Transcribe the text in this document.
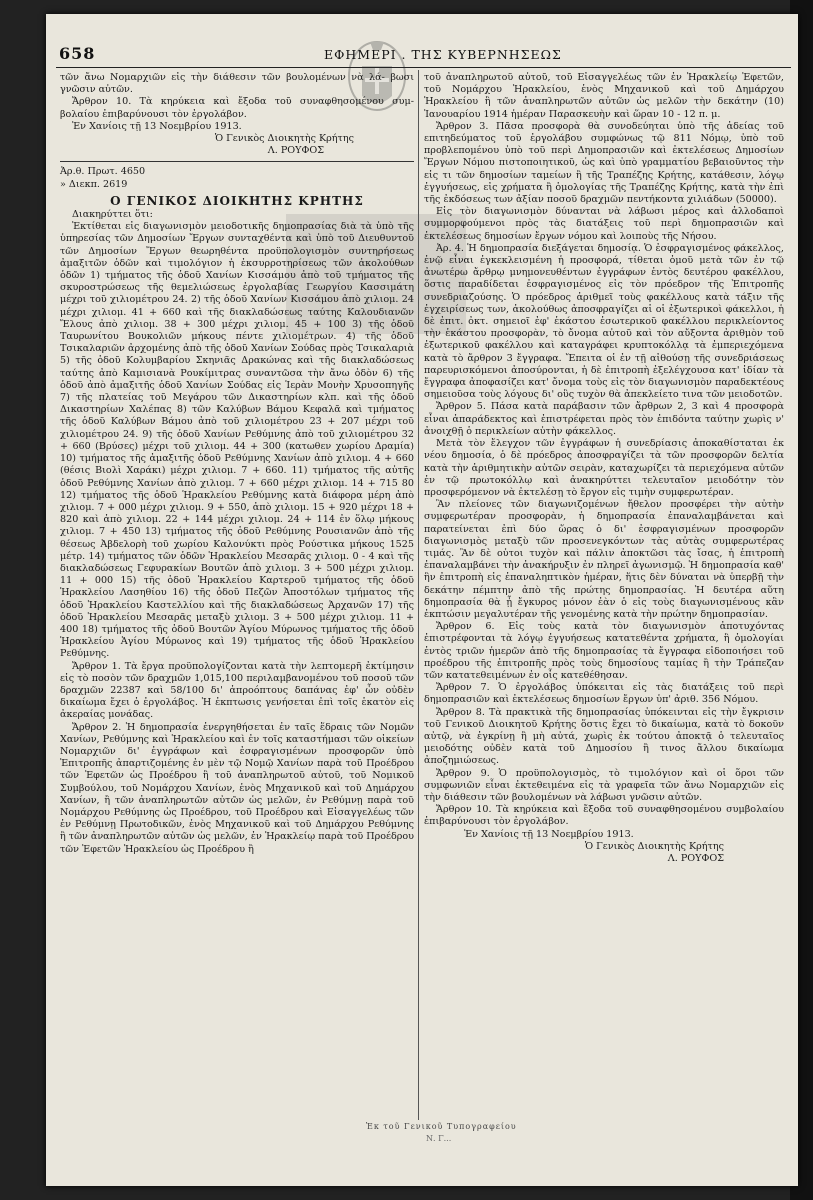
658	ΕΦΗΜΕΡΙ . ΤΗΣ ΚΥΒΕΡΝΗΣΕΩΣ

τῶν ἄνω Νομαρχιῶν εἰς τὴν διάθεσιν τῶν βουλομένων νὰ λά- βωσι γνῶσιν αὐτῶν.

Ἄρθρον 10. Τὰ κηρύκεια καὶ ἔξοδα τοῦ συναφθησομένου συμ- βολαίου ἐπιβαρύνουσι τὸν ἐργολάβον.

Ἐν Χανίοις τῇ 13 Νοεμβρίου 1913.

Ὁ Γενικὸς Διοικητὴς Κρήτης

Λ. ΡΟΥΦΟΣ

Ἀρ.θ. Πρωτ. 4650

» Διεκπ. 2619

Ο ΓΕΝΙΚΟΣ ΔΙΟΙΚΗΤΗΣ ΚΡΗΤΗΣ

Διακηρύττει ὅτι:

Ἐκτίθεται εἰς διαγωνισμὸν μειοδοτικῆς δημοπρασίας διὰ τὰ ὑπὸ τῆς ὑπηρεσίας τῶν Δημοσίων Ἔργων συνταχθέντα καὶ ὑπὸ τοῦ Διευθυντοῦ τῶν Δημοσίων Ἔργων θεωρηθέντα προϋπολογισμὸν συντηρήσεως ἀμαξιτῶν ὁδῶν καὶ τιμολόγιον ἡ ἐκσυρροτηρίσεως τῶν ἀκολούθων ὁδῶν 1) τμήματος τῆς ὁδοῦ Χανίων Κισσάμου ἀπὸ τοῦ τμήματος τῆς σκυροστρώσεως τῆς θεμελιώσεως ἐργολαβίας Γεωργίου Κασσιμάτη μέχρι τοῦ χιλιομέτρου 24. 2) τῆς ὁδοῦ Χανίων Κισσάμου ἀπὸ χιλιομ. 24 μέχρι χιλιομ. 41 + 660 καὶ τῆς διακλαδώσεως ταύτης Καλουδιανῶν Ἔλους ἀπὸ χιλιομ. 38 + 300 μέχρι χιλιομ. 45 + 100 3) τῆς ὁδοῦ Ταυρωνίτου Βουκολιῶν μήκους πέντε χιλιομέτρων. 4) τῆς ὁδοῦ Τσικαλαριῶν ἀρχομένης ἀπὸ τῆς ὁδοῦ Χανίων Σούδας πρὸς Τσικαλαριὰ 5) τῆς ὁδοῦ Κολυμβαρίου Σκηνιᾶς Δρακώνας καὶ τῆς διακλαδώσεως ταύτης ἀπὸ Καμισιανὰ Ρουκίμιτρας συναντῶσα τὴν ἄνω ὁδὸν 6) τῆς ὁδοῦ ἀπὸ ἀμαξιτῆς ὁδοῦ Χανίων Σούδας εἰς Ἱερὰν Μονὴν Χρυσοπηγῆς 7) τῆς πλατείας τοῦ Μεγάρου τῶν Δικαστηρίων κλπ. καὶ τῆς ὁδοῦ Δικαστηρίων Χαλέπας 8) τῶν Καλύβων Βάμου Κεφαλᾶ καὶ τμήματος τῆς ὁδοῦ Καλύβων Βάμου ἀπὸ τοῦ χιλιομέτρου 23 + 207 μέχρι τοῦ χιλιομέτρου 24. 9) τῆς ὁδοῦ Χανίων Ρεθύμνης ἀπὸ τοῦ χιλιομέτρου 32 + 660 (Βρύσες) μέχρι τοῦ χιλιομ. 44 + 300 (κατωθεν χωρίου Δραμία) 10) τμήματος τῆς ἀμαξιτῆς ὁδοῦ Ρεθύμνης Χανίων ἀπὸ χιλιομ. 4 + 660 (θέσις Βιολὶ Χαράκι) μέχρι χιλιομ. 7 + 660. 11) τμήματος τῆς αὐτῆς ὁδοῦ Ρεθύμνης Χανίων ἀπὸ χιλιομ. 7 + 660 μέχρι χιλιομ. 14 + 715 80 12) τμήματος τῆς ὁδοῦ Ἡρακλείου Ρεθύμνης κατὰ διάφορα μέρη ἀπὸ χιλιομ. 7 + 000 μέχρι χιλιομ. 9 + 550, ἀπὸ χιλιομ. 15 + 920 μέχρι 18 + 820 καὶ ἀπὸ χιλιομ. 22 + 144 μέχρι χιλιομ. 24 + 114 ἐν ὅλῳ μήκους χιλιομ. 7 + 450 13) τμήματος τῆς ὁδοῦ Ρεθύμνης Ρουσιανῶν ἀπὸ τῆς θέσεως Ἀβδελορὴ τοῦ χωρίου Καλονύκτι πρὸς Ρούστικα μήκους 1525 μέτρ. 14) τμήματος τῶν ὁδῶν Ἡρακλείου Μεσαρᾶς χιλιομ. 0 - 4 καὶ τῆς διακλαδώσεως Γεφυρακίων Βουτῶν ἀπὸ χιλιομ. 3 + 500 μέχρι χιλιομ. 11 + 000 15) τῆς ὁδοῦ Ἡρακλείου Καρτεροῦ τμήματος τῆς ὁδοῦ Ἡρακλείου Λασηθίου 16) τῆς ὁδοῦ Πεζῶν Ἀποστόλων τμήματος τῆς ὁδοῦ Ἡρακλείου Καστελλίου καὶ τῆς διακλαδώσεως Ἀρχανῶν 17) τῆς ὁδοῦ Ἡρακλείου Μεσαρᾶς μεταξὺ χιλιομ. 3 + 500 μέχρι χιλιομ. 11 + 400 18) τμήματος τῆς ὁδοῦ Βουτῶν Ἁγίου Μύρωνος τμήματος τῆς ὁδοῦ Ἡρακλείου Ἁγίου Μύρωνος καὶ 19) τμήματος τῆς ὁδοῦ Ἡρακλείου Ρεθύμνης.

Ἄρθρον 1. Τὰ ἔργα προϋπολογίζονται κατὰ τὴν λεπτομερῆ ἐκτίμησιν εἰς τὸ ποσὸν τῶν δραχμῶν 1,015,100 περιλαμβανομένου τοῦ ποσοῦ τῶν δραχμῶν 22387 καὶ 58/100 δι' ἀπροόπτους δαπάνας ἐφ' ὧν οὐδὲν δικαίωμα ἔχει ὁ ἐργολάβος. Ἡ ἐκπτωσις γενήσεται ἐπὶ τοῖς ἑκατὸν εἰς ἀκεραίας μονάδας.

Ἄρθρον 2. Ἡ δημοπρασία ἐνεργηθήσεται ἐν ταῖς ἕδραις τῶν Νομῶν Χανίων, Ρεθύμνης καὶ Ἡρακλείου καὶ ἐν τοῖς καταστήμασι τῶν οἰκείων Νομαρχιῶν δι' ἐγγράφων καὶ ἐσφραγισμένων προσφορῶν ὑπὸ Ἐπιτροπῆς ἀπαρτιζομένης ἐν μὲν τῷ Νομῷ Χανίων παρὰ τοῦ Προέδρου τῶν Ἐφετῶν ὡς Προέδρου ἢ τοῦ ἀναπληρωτοῦ αὐτοῦ, τοῦ Νομικοῦ Συμβούλου, τοῦ Νομάρχου Χανίων, ἑνὸς Μηχανικοῦ καὶ τοῦ Δημάρχου Χανίων, ἢ τῶν ἀναπληρωτῶν αὐτῶν ὡς μελῶν, ἐν Ρεθύμνῃ παρὰ τοῦ Νομάρχου Ρεθύμνης ὡς Προέδρου, τοῦ Προέδρου καὶ Εἰσαγγελέως τῶν ἐν Ρεθύμνῃ Πρωτοδικῶν, ἑνὸς Μηχανικοῦ καὶ τοῦ Δημάρχου Ρεθύμνης ἢ τῶν ἀναπληρωτῶν αὐτῶν ὡς μελῶν, ἐν Ἡρακλείῳ παρὰ τοῦ Προέδρου τῶν Ἐφετῶν Ἡρακλείου ὡς Προέδρου ἢ

τοῦ ἀναπληρωτοῦ αὐτοῦ, τοῦ Εἰσαγγελέως τῶν ἐν Ἡρακλείῳ Ἐφετῶν, τοῦ Νομάρχου Ἡρακλείου, ἑνὸς Μηχανικοῦ καὶ τοῦ Δημάρχου Ἡρακλείου ἢ τῶν ἀναπληρωτῶν αὐτῶν ὡς μελῶν τὴν δεκάτην (10) Ἰανουαρίου 1914 ἡμέραν Παρασκευὴν καὶ ὥραν 10 - 12 π. μ.

Ἄρθρον 3. Πᾶσα προσφορὰ θὰ συνοδεύηται ὑπὸ τῆς ἀδείας τοῦ επιτηδεύματος τοῦ ἐργολάβου συμφώνως τῷ 811 Νόμῳ, ὑπὸ τοῦ προβλεπομένου ὑπὸ τοῦ περὶ Δημοπρασιῶν καὶ ἐκτελέσεως Δημοσίων Ἔργων Νόμου πιστοποιητικοῦ, ὡς καὶ ὑπὸ γραμματίου βεβαιοῦντος τὴν εἰς τι τῶν δημοσίων ταμείων ἢ τῆς Τραπέζης Κρήτης, κατάθεσιν, λόγῳ ἐγγυήσεως, εἰς χρήματα ἢ ὁμολογίας τῆς Τραπέζης Κρήτης, κατὰ τὴν ἐπὶ τῆς ἐκδόσεως των ἀξίαν ποσοῦ δραχμῶν πεντήκοντα χιλιάδων (50000).

Εἰς τὸν διαγωνισμὸν δύνανται νὰ λάβωσι μέρος καὶ ἀλλοδαποὶ συμμορφούμενοι πρὸς τὰς διατάξεις τοῦ περὶ δημοπρασιῶν καὶ ἐκτελέσεως δημοσίων ἔργων νόμου καὶ λοιποὺς τῆς Νήσου.

Ἀρ. 4. Ἡ δημοπρασία διεξάγεται δημοσίᾳ. Ὁ ἐσφραγισμένος φάκελλος, ἐνῷ εἶναι ἐγκεκλεισμένη ἡ προσφορά, τίθεται ὁμοῦ μετὰ τῶν ἐν τῷ ἀνωτέρω ἄρθρῳ μνημονευθέντων ἐγγράφων ἐντὸς δευτέρου φακέλλου, ὅστις παραδίδεται ἐσφραγισμένος εἰς τὸν πρόεδρον τῆς Ἐπιτροπῆς συνεδριαζούσης. Ὁ πρόεδρος ἀριθμεῖ τοὺς φακέλλους κατὰ τάξιν τῆς ἐγχειρίσεως των, ἀκολούθως ἀποσφραγίζει αἱ οἱ ἐξωτερικοὶ φάκελλοι, ἡ δὲ ἐπιτ. ὀκτ. σημειοῖ ἐφ' ἑκάστου ἐσωτερικοῦ φακέλλου περικλείοντος τὴν ἑκάστου προσφορὰν, τὸ ὄνομα αὐτοῦ καὶ τὸν αὔξοντα ἀριθμὸν τοῦ ἐξωτερικοῦ φακέλλου καὶ καταγράφει κρυπτοκόλλᾳ τὰ ἐμπεριεχόμενα κατὰ τὸ ἄρθρον 3 ἔγγραφα. Ἔπειτα οἱ ἐν τῇ αἰθούσῃ τῆς συνεδριάσεως παρευρισκόμενοι ἀποσύρονται, ἡ δὲ ἐπιτροπὴ ἐξελέγχουσα κατ' ἰδίαν τὰ ἔγγραφα ἀποφασίζει κατ' ὄνομα τοὺς εἰς τὸν διαγωνισμὸν παραδεκτέους σημειοῦσα τοὺς λόγους δι' οὓς τυχὸν θὰ ἀπεκλείετο τινα τῶν μειοδοτῶν.

Ἄρθρον 5. Πάσα κατὰ παράβασιν τῶν ἄρθρων 2, 3 καὶ 4 προσφορὰ εἶναι ἀπαράδεκτος καὶ ἐπιστρέφεται πρὸς τὸν ἐπιδόντα ταύτην χωρὶς ν' ἀνοιχθῇ ὁ περικλείων αὐτὴν φάκελλος.

Μετὰ τὸν ἔλεγχον τῶν ἐγγράφων ἡ συνεδρίασις ἀποκαθίσταται ἐκ νέου δημοσία, ὁ δὲ πρόεδρος ἀποσφραγίζει τὰ τῶν προσφορῶν δελτία κατὰ τὴν ἀριθμητικὴν αὐτῶν σειρὰν, καταχωρίζει τὰ περιεχόμενα αὐτῶν ἐν τῷ πρωτοκόλλῳ καὶ ἀνακηρύττει τελευταῖον μειοδότην τὸν προσφερόμενον νὰ ἐκτελέσῃ τὸ ἔργον εἰς τιμὴν συμφερωτέραν.

Ἂν πλείονες τῶν διαγωνιζομένων ἤθελον προσφέρει τὴν αὐτὴν συμφερωτέραν προσφορὰν, ἡ δημοπρασία ἐπαναλαμβάνεται καὶ παρατείνεται ἐπὶ δύο ὥρας ὁ δι' ἐσφραγισμένων προσφορῶν διαγωνισμὸς μεταξὺ τῶν προσενεγκόντων τὰς αὐτὰς συμφερωτέρας τιμάς. Ἂν δὲ οὐτοι τυχὸν καὶ πάλιν ἀποκτῶσι τὰς ἴσας, ἡ ἐπιτροπὴ ἐπαναλαμβάνει τὴν ἀνακήρυξιν ἐν πληρεῖ ἀγωνισμῷ. Ἡ δημοπρασία καθ' ἣν ἐπιτροπὴ εἰς ἐπαναληπτικὸν ἡμέραν, ἥτις δὲν δύναται νὰ ὑπερβῇ τὴν δεκάτην πέμπτην ἀπὸ τῆς πρώτης δημοπρασίας. Ἡ δευτέρα αὕτη δημοπρασία θὰ ᾖ ἔγκυρος μόνον ἐὰν ὁ εἰς τοὺς διαγωνισμένους κἂν ἐκπτώσιν μεγαλυτέραν τῆς γενομένης κατὰ τὴν πρώτην δημοπρασίαν.

Ἄρθρον 6. Εἰς τοὺς κατὰ τὸν διαγωνισμὸν ἀποτυχόντας ἐπιστρέφονται τὰ λόγῳ ἐγγυήσεως κατατεθέντα χρήματα, ἢ ὁμολογίαι ἐντὸς τριῶν ἡμερῶν ἀπὸ τῆς δημοπρασίας τὰ ἔγγραφα εἰδοποιήσει τοῦ προέδρου τῆς ἐπιτροπῆς πρὸς τοὺς δημοσίους ταμίας ἢ τὴν Τράπεζαν τῶν κατατεθειμένων ἐν οἷς κατεθέθησαν.

Ἄρθρον 7. Ὁ ἐργολάβος ὑπόκειται εἰς τὰς διατάξεις τοῦ περὶ δημοπρασιῶν καὶ ἐκτελέσεως δημοσίων ἔργων ὑπ' ἀριθ. 356 Νόμου.

Ἄρθρον 8. Τὰ πρακτικὰ τῆς δημοπρασίας ὑπόκεινται εἰς τὴν ἔγκρισιν τοῦ Γενικοῦ Διοικητοῦ Κρήτης ὅστις ἔχει τὸ δικαίωμα, κατὰ τὸ δοκοῦν αὐτῷ, νὰ ἐγκρίνῃ ἢ μὴ αὐτά, χωρὶς ἐκ τούτου ἀποκτᾷ ὁ τελευταῖος μειοδότης οὐδὲν κατὰ τοῦ Δημοσίου ἢ τινος ἄλλου δικαίωμα ἀποζημιώσεως.

Ἄρθρον 9. Ὁ προϋπολογισμὸς, τὸ τιμολόγιον καὶ οἱ ὅροι τῶν συμφωνιῶν εἶναι ἐκτεθειμένα εἰς τὰ γραφεῖα τῶν ἄνω Νομαρχιῶν εἰς τὴν διάθεσιν τῶν βουλομένων νὰ λάβωσι γνῶσιν αὐτῶν.

Ἄρθρον 10. Τὰ κηρύκεια καὶ ἔξοδα τοῦ συναφθησομένου συμβολαίου ἐπιβαρύνουσι τὸν ἐργολάβον.

Ἐν Χανίοις τῇ 13 Νοεμβρίου 1913.

Ὁ Γενικὸς Διοικητὴς Κρήτης

Λ. ΡΟΥΦΟΣ

Ἐκ τοῦ Γενικοῦ Τυπογραφείου
Ν. Γ...
